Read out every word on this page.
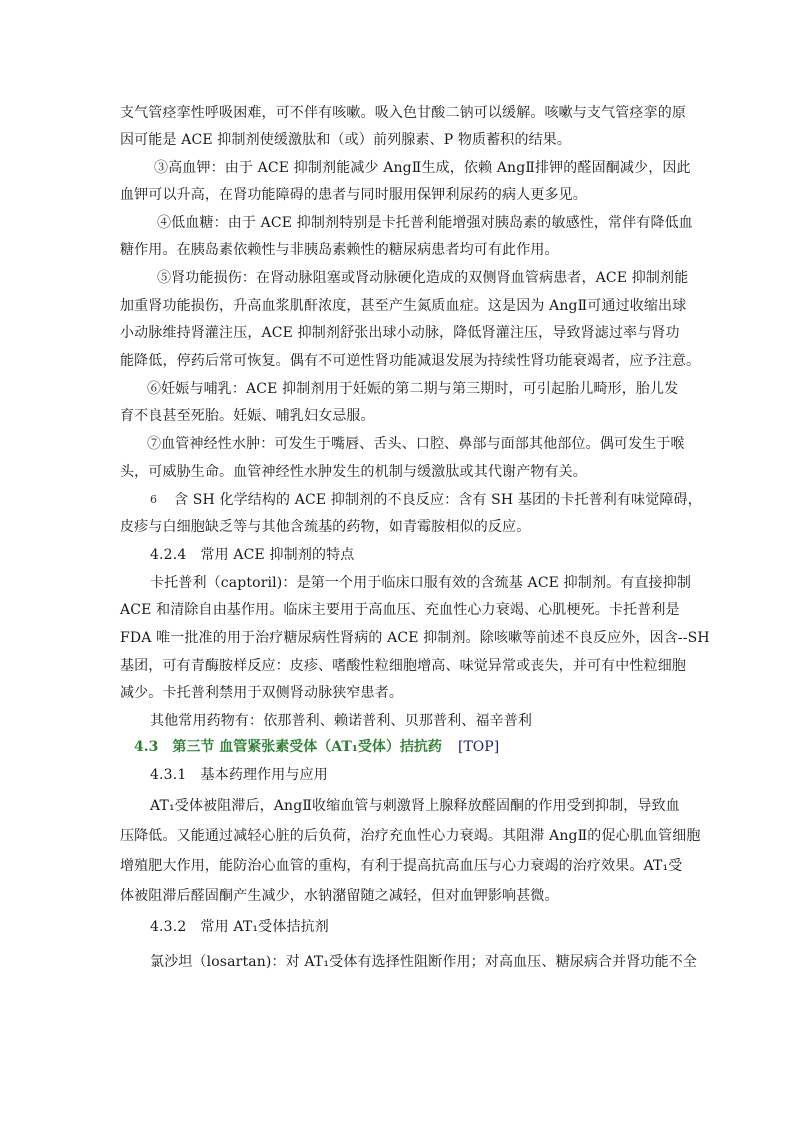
支气管痉挛性呼吸困难，可不伴有咳嗽。吸入色甘酸二钠可以缓解。咳嗽与支气管痉挛的原
因可能是 ACE 抑制剂使缓激肽和（或）前列腺素、P 物质蓄积的结果。
③高血钾：由于 ACE 抑制剂能减少 AngⅡ生成，依赖 AngⅡ排钾的醛固酮减少，因此
血钾可以升高，在肾功能障碍的患者与同时服用保钾利尿药的病人更多见。
④低血糖：由于 ACE 抑制剂特别是卡托普利能增强对胰岛素的敏感性，常伴有降低血
糖作用。在胰岛素依赖性与非胰岛素赖性的糖尿病患者均可有此作用。
⑤肾功能损伤：在肾动脉阻塞或肾动脉硬化造成的双侧肾血管病患者，ACE 抑制剂能
加重肾功能损伤，升高血浆肌酐浓度，甚至产生氮质血症。这是因为 AngⅡ可通过收缩出球
小动脉维持肾灌注压，ACE 抑制剂舒张出球小动脉，降低肾灌注压，导致肾滤过率与肾功
能降低，停药后常可恢复。偶有不可逆性肾功能减退发展为持续性肾功能衰竭者，应予注意。
⑥妊娠与哺乳：ACE 抑制剂用于妊娠的第二期与第三期时，可引起胎儿畸形，胎儿发
育不良甚至死胎。妊娠、哺乳妇女忌服。
⑦血管神经性水肿：可发生于嘴唇、舌头、口腔、鼻部与面部其他部位。偶可发生于喉
头，可威胁生命。血管神经性水肿发生的机制与缓激肽或其代谢产物有关。
6 含 SH 化学结构的 ACE 抑制剂的不良反应：含有 SH 基团的卡托普利有味觉障碍，
皮疹与白细胞缺乏等与其他含巯基的药物，如青霉胺相似的反应。
4.2.4　常用 ACE 抑制剂的特点
卡托普利（captoril)：是第一个用于临床口服有效的含巯基 ACE 抑制剂。有直接抑制
ACE 和清除自由基作用。临床主要用于高血压、充血性心力衰竭、心肌梗死。卡托普利是
FDA 唯一批准的用于治疗糖尿病性肾病的 ACE 抑制剂。除咳嗽等前述不良反应外，因含--SH
基团，可有青酶胺样反应：皮疹、嗜酸性粒细胞增高、味觉异常或丧失，并可有中性粒细胞
减少。卡托普利禁用于双侧肾动脉狭窄患者。
其他常用药物有：依那普利、赖诺普利、贝那普利、福辛普利
4.3　第三节 血管紧张素受体（AT₁受体）拮抗药 [TOP]
4.3.1　基本药理作用与应用
AT₁受体被阻滞后，AngⅡ收缩血管与刺激肾上腺释放醛固酮的作用受到抑制，导致血
压降低。又能通过减轻心脏的后负荷，治疗充血性心力衰竭。其阻滞 AngⅡ的促心肌血管细胞
增殖肥大作用，能防治心血管的重构，有利于提高抗高血压与心力衰竭的治疗效果。AT₁受
体被阻滞后醛固酮产生减少，水钠潴留随之减轻，但对血钾影响甚微。
4.3.2　常用 AT₁受体拮抗剂
氯沙坦（losartan)：对 AT₁受体有选择性阻断作用；对高血压、糖尿病合并肾功能不全
